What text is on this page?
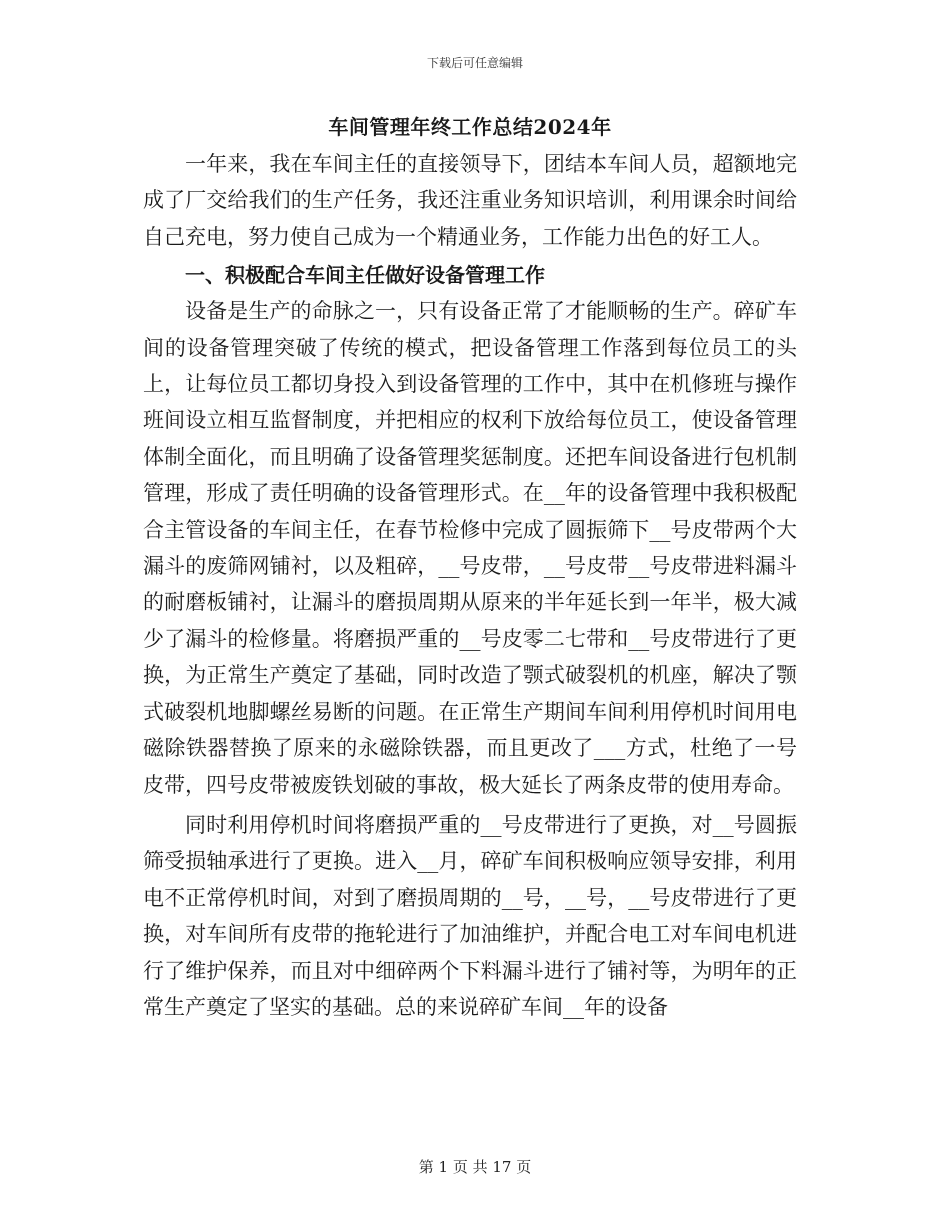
下载后可任意编辑
车间管理年终工作总结2024年

一年来，我在车间主任的直接领导下，团结本车间人员，超额地完成了厂交给我们的生产任务，我还注重业务知识培训，利用课余时间给自己充电，努力使自己成为一个精通业务，工作能力出色的好工人。

一、积极配合车间主任做好设备管理工作

设备是生产的命脉之一，只有设备正常了才能顺畅的生产。碎矿车间的设备管理突破了传统的模式，把设备管理工作落到每位员工的头上，让每位员工都切身投入到设备管理的工作中，其中在机修班与操作班间设立相互监督制度，并把相应的权利下放给每位员工，使设备管理体制全面化，而且明确了设备管理奖惩制度。还把车间设备进行包机制管理，形成了责任明确的设备管理形式。在__年的设备管理中我积极配合主管设备的车间主任，在春节检修中完成了圆振筛下__号皮带两个大漏斗的废筛网铺衬，以及粗碎，__号皮带，__号皮带__号皮带进料漏斗的耐磨板铺衬，让漏斗的磨损周期从原来的半年延长到一年半，极大减少了漏斗的检修量。将磨损严重的__号皮零二七带和__号皮带进行了更换，为正常生产奠定了基础，同时改造了颚式破裂机的机座，解决了颚式破裂机地脚螺丝易断的问题。在正常生产期间车间利用停机时间用电磁除铁器替换了原来的永磁除铁器，而且更改了___方式，杜绝了一号皮带，四号皮带被废铁划破的事故，极大延长了两条皮带的使用寿命。

同时利用停机时间将磨损严重的__号皮带进行了更换，对__号圆振筛受损轴承进行了更换。进入__月，碎矿车间积极响应领导安排，利用电不正常停机时间，对到了磨损周期的__号，__号，__号皮带进行了更换，对车间所有皮带的拖轮进行了加油维护，并配合电工对车间电机进行了维护保养，而且对中细碎两个下料漏斗进行了铺衬等，为明年的正常生产奠定了坚实的基础。总的来说碎矿车间__年的设备

第 1 页 共 17 页
